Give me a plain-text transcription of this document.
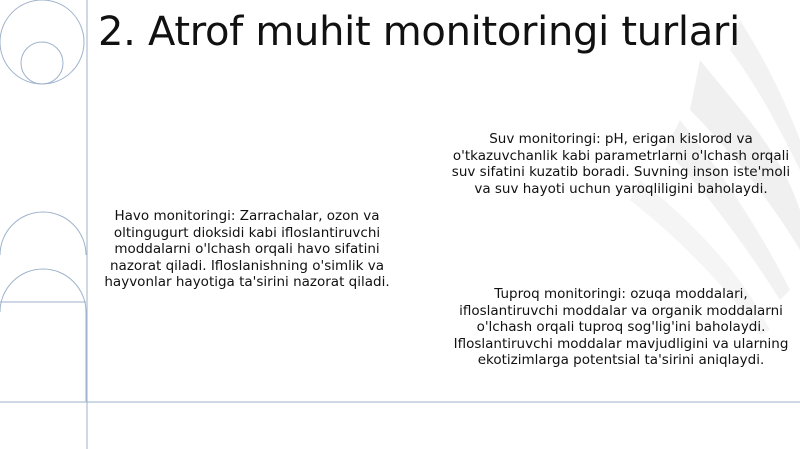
2. Atrof muhit monitoringi turlari

Havo monitoringi: Zarrachalar, ozon va oltingugurt dioksidi kabi ifloslantiruvchi moddalarni o'lchash orqali havo sifatini nazorat qiladi. Ifloslanishning o'simlik va hayvonlar hayotiga ta'sirini nazorat qiladi.

Suv monitoringi: pH, erigan kislorod va o'tkazuvchanlik kabi parametrlarni o'lchash orqali suv sifatini kuzatib boradi. Suvning inson iste'moli va suv hayoti uchun yaroqliligini baholaydi.

Tuproq monitoringi: ozuqa moddalari, ifloslantiruvchi moddalar va organik moddalarni o'lchash orqali tuproq sog'lig'ini baholaydi. Ifloslantiruvchi moddalar mavjudligini va ularning ekotizimlarga potentsial ta'sirini aniqlaydi.
